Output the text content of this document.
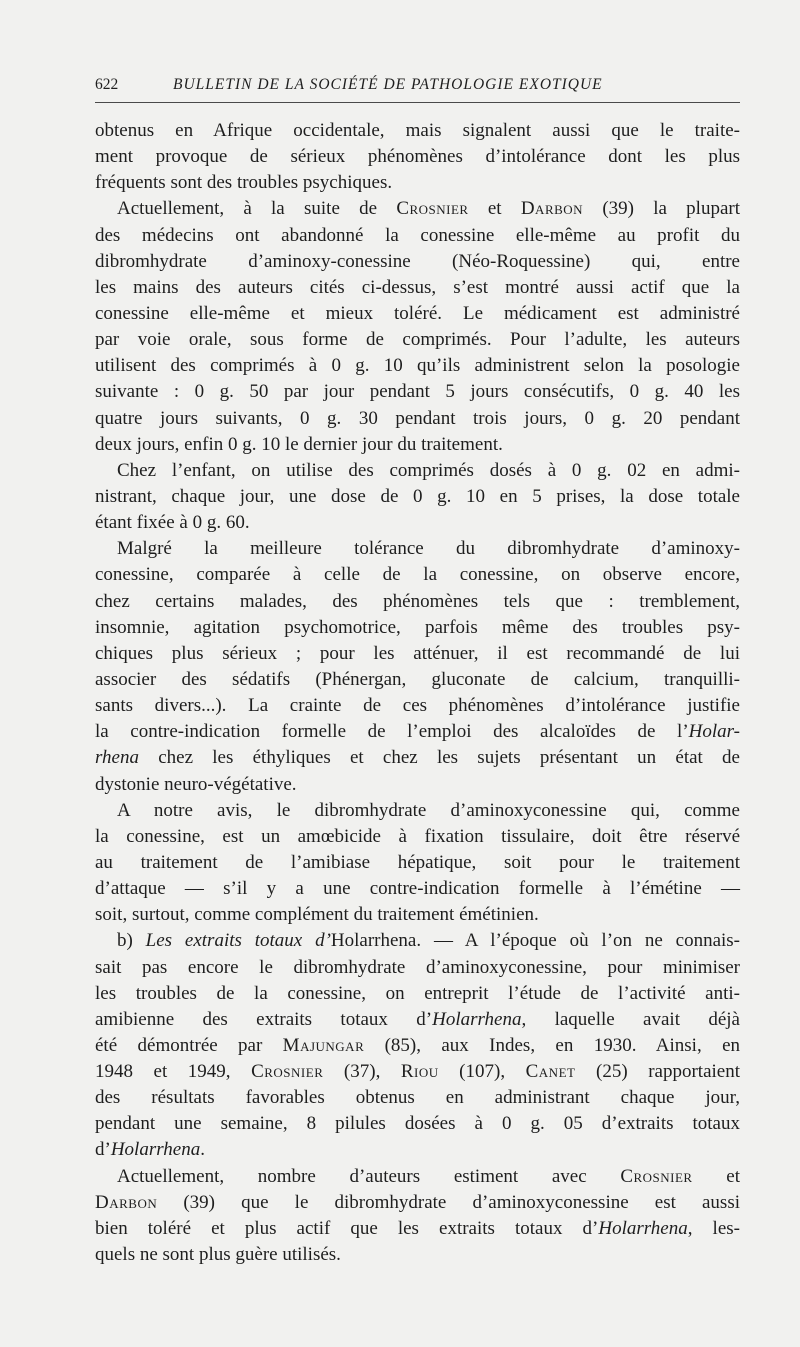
622	BULLETIN DE LA SOCIÉTÉ DE PATHOLOGIE EXOTIQUE
obtenus en Afrique occidentale, mais signalent aussi que le traite-
ment provoque de sérieux phénomènes d’intolérance dont les plus
fréquents sont des troubles psychiques.
Actuellement, à la suite de Crosnier et Darbon (39) la plupart
des médecins ont abandonné la conessine elle-même au profit du
dibromhydrate d’aminoxy-conessine (Néo-Roquessine) qui, entre
les mains des auteurs cités ci-dessus, s’est montré aussi actif que la
conessine elle-même et mieux toléré. Le médicament est administré
par voie orale, sous forme de comprimés. Pour l’adulte, les auteurs
utilisent des comprimés à 0 g. 10 qu’ils administrent selon la posologie
suivante : 0 g. 50 par jour pendant 5 jours consécutifs, 0 g. 40 les
quatre jours suivants, 0 g. 30 pendant trois jours, 0 g. 20 pendant
deux jours, enfin 0 g. 10 le dernier jour du traitement.
Chez l’enfant, on utilise des comprimés dosés à 0 g. 02 en admi-
nistrant, chaque jour, une dose de 0 g. 10 en 5 prises, la dose totale
étant fixée à 0 g. 60.
Malgré la meilleure tolérance du dibromhydrate d’aminoxy-
conessine, comparée à celle de la conessine, on observe encore,
chez certains malades, des phénomènes tels que : tremblement,
insomnie, agitation psychomotrice, parfois même des troubles psy-
chiques plus sérieux ; pour les atténuer, il est recommandé de lui
associer des sédatifs (Phénergan, gluconate de calcium, tranquilli-
sants divers...). La crainte de ces phénomènes d’intolérance justifie
la contre-indication formelle de l’emploi des alcaloïdes de l’Holar-
rhena chez les éthyliques et chez les sujets présentant un état de
dystonie neuro-végétative.
A notre avis, le dibromhydrate d’aminoxyconessine qui, comme
la conessine, est un amœbicide à fixation tissulaire, doit être réservé
au traitement de l’amibiase hépatique, soit pour le traitement
d’attaque — s’il y a une contre-indication formelle à l’émétine —
soit, surtout, comme complément du traitement émétinien.
b) Les extraits totaux d’Holarrhena. — A l’époque où l’on ne connais-
sait pas encore le dibromhydrate d’aminoxyconessine, pour minimiser
les troubles de la conessine, on entreprit l’étude de l’activité anti-
amibienne des extraits totaux d’Holarrhena, laquelle avait déjà
été démontrée par Majungar (85), aux Indes, en 1930. Ainsi, en
1948 et 1949, Crosnier (37), Riou (107), Canet (25) rapportaient
des résultats favorables obtenus en administrant chaque jour,
pendant une semaine, 8 pilules dosées à 0 g. 05 d’extraits totaux
d’Holarrhena.
Actuellement, nombre d’auteurs estiment avec Crosnier et
Darbon (39) que le dibromhydrate d’aminoxyconessine est aussi
bien toléré et plus actif que les extraits totaux d’Holarrhena, les-
quels ne sont plus guère utilisés.
